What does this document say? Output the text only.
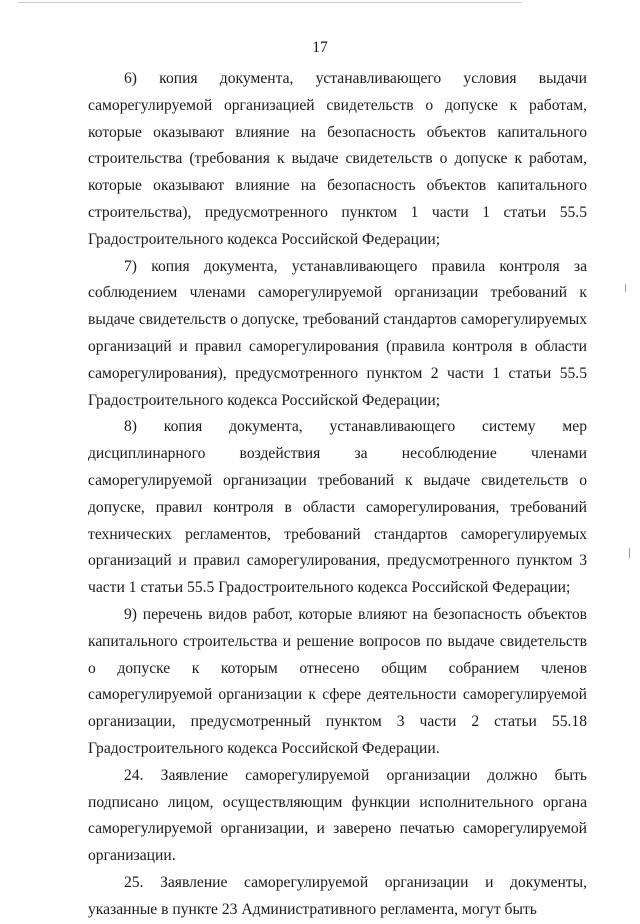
17

6) копия документа, устанавливающего условия выдачи саморегулируемой организацией свидетельств о допуске к работам, которые оказывают влияние на безопасность объектов капитального строительства (требования к выдаче свидетельств о допуске к работам, которые оказывают влияние на безопасность объектов капитального строительства), предусмотренного пунктом 1 части 1 статьи 55.5 Градостроительного кодекса Российской Федерации;

7) копия документа, устанавливающего правила контроля за соблюдением членами саморегулируемой организации требований к выдаче свидетельств о допуске, требований стандартов саморегулируемых организаций и правил саморегулирования (правила контроля в области саморегулирования), предусмотренного пунктом 2 части 1 статьи 55.5 Градостроительного кодекса Российской Федерации;

8) копия документа, устанавливающего систему мер дисциплинарного воздействия за несоблюдение членами саморегулируемой организации требований к выдаче свидетельств о допуске, правил контроля в области саморегулирования, требований технических регламентов, требований стандартов саморегулируемых организаций и правил саморегулирования, предусмотренного пунктом 3 части 1 статьи 55.5 Градостроительного кодекса Российской Федерации;

9) перечень видов работ, которые влияют на безопасность объектов капитального строительства и решение вопросов по выдаче свидетельств о допуске к которым отнесено общим собранием членов саморегулируемой организации к сфере деятельности саморегулируемой организации, предусмотренный пунктом 3 части 2 статьи 55.18 Градостроительного кодекса Российской Федерации.

24. Заявление саморегулируемой организации должно быть подписано лицом, осуществляющим функции исполнительного органа саморегулируемой организации, и заверено печатью саморегулируемой организации.

25. Заявление саморегулируемой организации и документы, указанные в пункте 23 Административного регламента, могут быть
